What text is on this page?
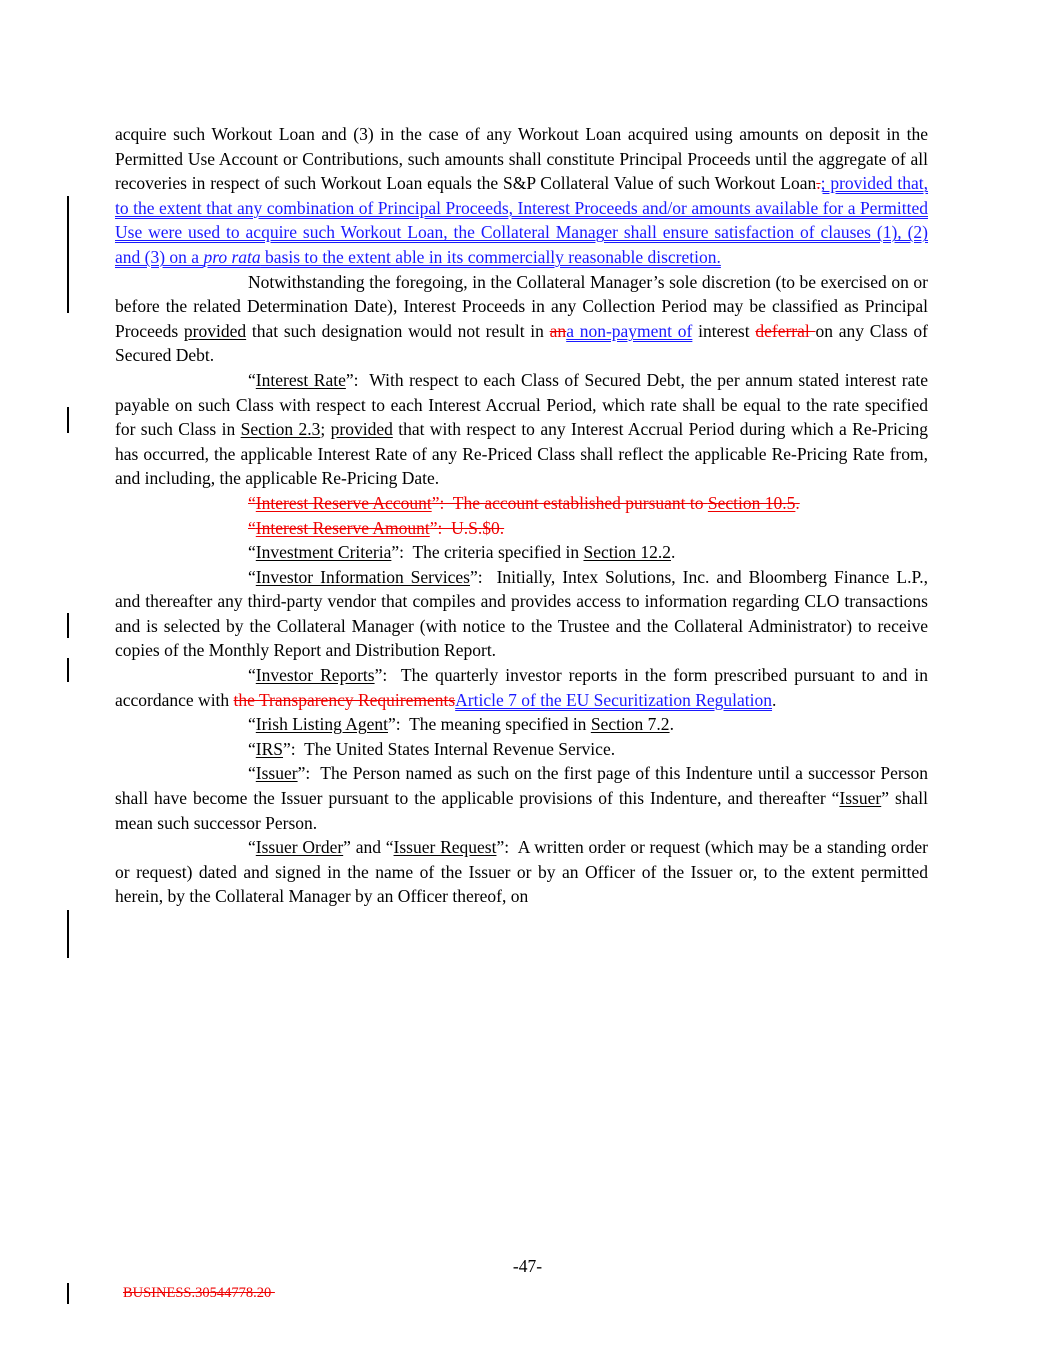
acquire such Workout Loan and (3) in the case of any Workout Loan acquired using amounts on deposit in the Permitted Use Account or Contributions, such amounts shall constitute Principal Proceeds until the aggregate of all recoveries in respect of such Workout Loan equals the S&P Collateral Value of such Workout Loan.; provided that, to the extent that any combination of Principal Proceeds, Interest Proceeds and/or amounts available for a Permitted Use were used to acquire such Workout Loan, the Collateral Manager shall ensure satisfaction of clauses (1), (2) and (3) on a pro rata basis to the extent able in its commercially reasonable discretion.

Notwithstanding the foregoing, in the Collateral Manager’s sole discretion (to be exercised on or before the related Determination Date), Interest Proceeds in any Collection Period may be classified as Principal Proceeds provided that such designation would not result in ana non-payment of interest deferral on any Class of Secured Debt.

“Interest Rate”:  With respect to each Class of Secured Debt, the per annum stated interest rate payable on such Class with respect to each Interest Accrual Period, which rate shall be equal to the rate specified for such Class in Section 2.3; provided that with respect to any Interest Accrual Period during which a Re-Pricing has occurred, the applicable Interest Rate of any Re-Priced Class shall reflect the applicable Re-Pricing Rate from, and including, the applicable Re-Pricing Date.

“Interest Reserve Account”:  The account established pursuant to Section 10.5.

“Interest Reserve Amount”:  U.S.$0.

“Investment Criteria”:  The criteria specified in Section 12.2.

“Investor Information Services”:  Initially, Intex Solutions, Inc. and Bloomberg Finance L.P., and thereafter any third-party vendor that compiles and provides access to information regarding CLO transactions and is selected by the Collateral Manager (with notice to the Trustee and the Collateral Administrator) to receive copies of the Monthly Report and Distribution Report.

“Investor Reports”:  The quarterly investor reports in the form prescribed pursuant to and in accordance with the Transparency RequirementsArticle 7 of the EU Securitization Regulation.

“Irish Listing Agent”:  The meaning specified in Section 7.2.

“IRS”:  The United States Internal Revenue Service.

“Issuer”:  The Person named as such on the first page of this Indenture until a successor Person shall have become the Issuer pursuant to the applicable provisions of this Indenture, and thereafter “Issuer” shall mean such successor Person.

“Issuer Order” and “Issuer Request”:  A written order or request (which may be a standing order or request) dated and signed in the name of the Issuer or by an Officer of the Issuer or, to the extent permitted herein, by the Collateral Manager by an Officer thereof, on

-47-
BUSINESS.30544778.20
